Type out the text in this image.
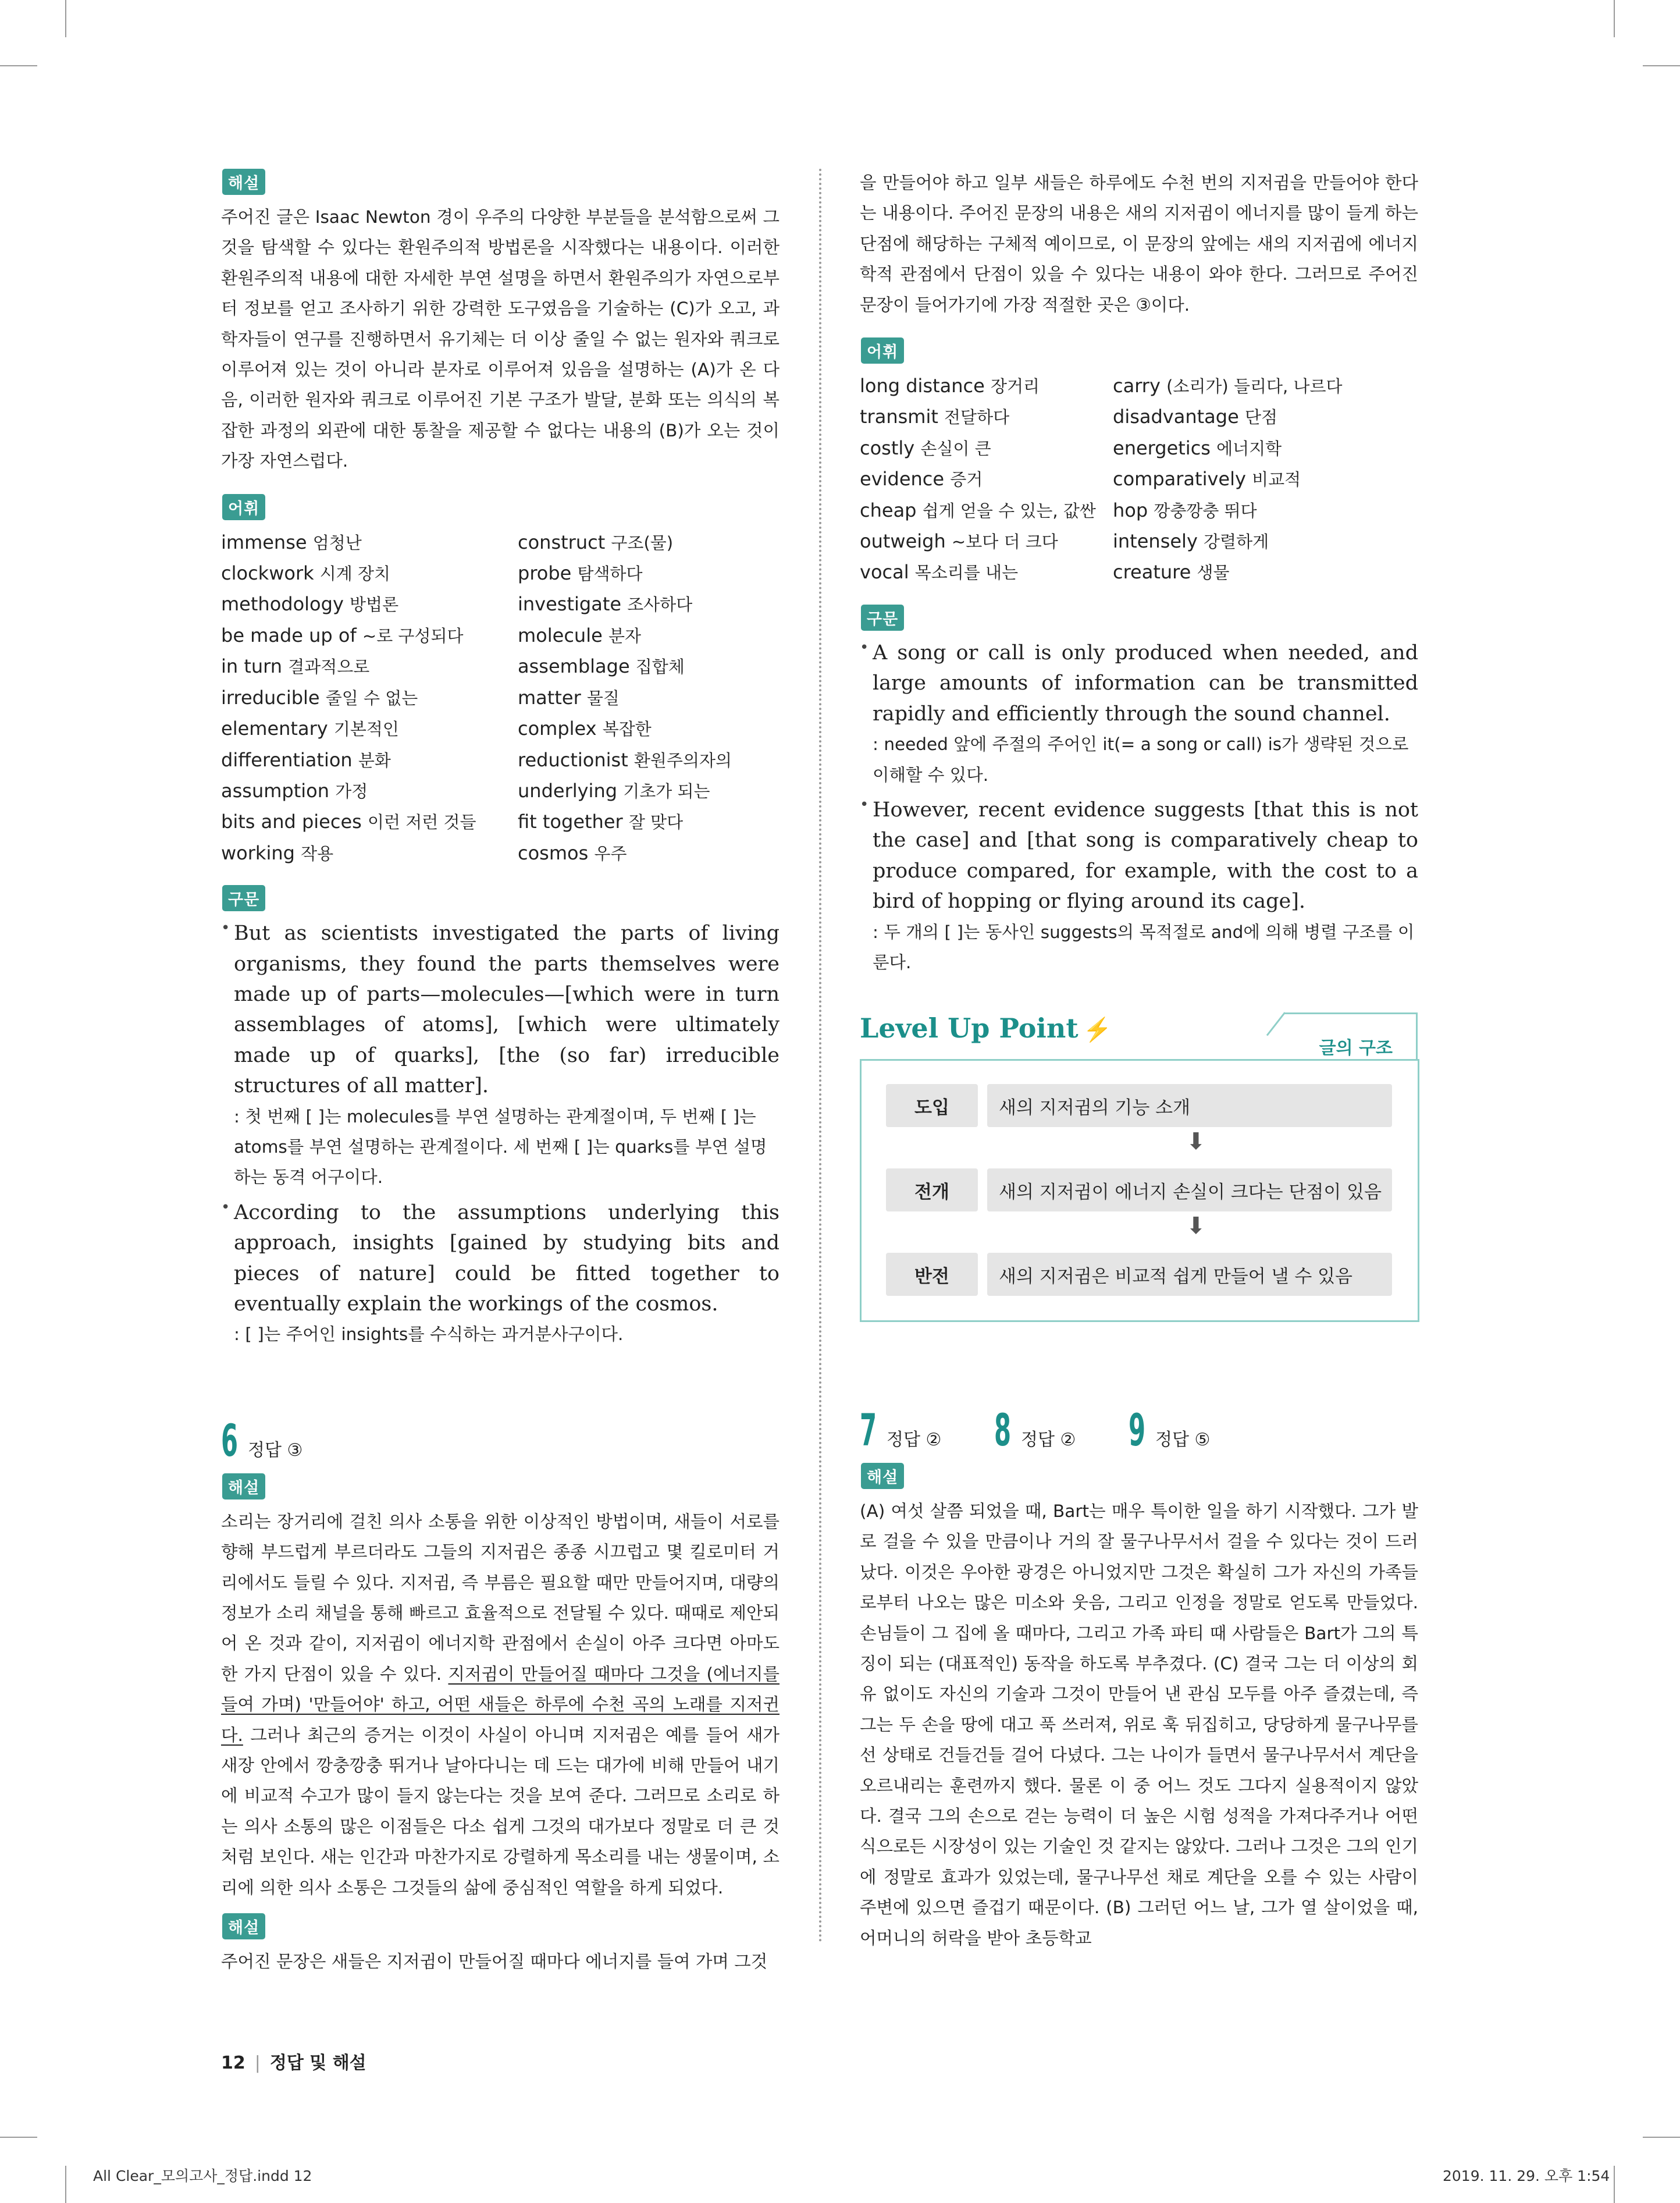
해설

주어진 글은 Isaac Newton 경이 우주의 다양한 부분들을 분석함으로써 그것을 탐색할 수 있다는 환원주의적 방법론을 시작했다는 내용이다. 이러한 환원주의적 내용에 대한 자세한 부연 설명을 하면서 환원주의가 자연으로부터 정보를 얻고 조사하기 위한 강력한 도구였음을 기술하는 (C)가 오고, 과학자들이 연구를 진행하면서 유기체는 더 이상 줄일 수 없는 원자와 쿼크로 이루어져 있는 것이 아니라 분자로 이루어져 있음을 설명하는 (A)가 온 다음, 이러한 원자와 쿼크로 이루어진 기본 구조가 발달, 분화 또는 의식의 복잡한 과정의 외관에 대한 통찰을 제공할 수 없다는 내용의 (B)가 오는 것이 가장 자연스럽다.

어휘
immense 엄청난	construct 구조(물)
clockwork 시계 장치	probe 탐색하다
methodology 방법론	investigate 조사하다
be made up of ~로 구성되다	molecule 분자
in turn 결과적으로	assemblage 집합체
irreducible 줄일 수 없는	matter 물질
elementary 기본적인	complex 복잡한
differentiation 분화	reductionist 환원주의자의
assumption 가정	underlying 기초가 되는
bits and pieces 이런 저런 것들	fit together 잘 맞다
working 작용	cosmos 우주
구문

• But as scientists investigated the parts of living organisms, they found the parts themselves were made up of parts—molecules—[which were in turn assemblages of atoms], [which were ultimately made up of quarks], [the (so far) irreducible structures of all matter].

: 첫 번째 [ ]는 molecules를 부연 설명하는 관계절이며, 두 번째 [ ]는 atoms를 부연 설명하는 관계절이다. 세 번째 [ ]는 quarks를 부연 설명하는 동격 어구이다.

• According to the assumptions underlying this approach, insights [gained by studying bits and pieces of nature] could be fitted together to eventually explain the workings of the cosmos.

: [ ]는 주어인 insights를 수식하는 과거분사구이다.

6 정답 ③
해설

소리는 장거리에 걸친 의사 소통을 위한 이상적인 방법이며, 새들이 서로를 향해 부드럽게 부르더라도 그들의 지저귐은 종종 시끄럽고 몇 킬로미터 거리에서도 들릴 수 있다. 지저귐, 즉 부름은 필요할 때만 만들어지며, 대량의 정보가 소리 채널을 통해 빠르고 효율적으로 전달될 수 있다. 때때로 제안되어 온 것과 같이, 지저귐이 에너지학 관점에서 손실이 아주 크다면 아마도 한 가지 단점이 있을 수 있다. 지저귐이 만들어질 때마다 그것을 (에너지를 들여 가며) '만들어야' 하고, 어떤 새들은 하루에 수천 곡의 노래를 지저귄다. 그러나 최근의 증거는 이것이 사실이 아니며 지저귐은 예를 들어 새가 새장 안에서 깡충깡충 뛰거나 날아다니는 데 드는 대가에 비해 만들어 내기에 비교적 수고가 많이 들지 않는다는 것을 보여 준다. 그러므로 소리로 하는 의사 소통의 많은 이점들은 다소 쉽게 그것의 대가보다 정말로 더 큰 것처럼 보인다. 새는 인간과 마찬가지로 강렬하게 목소리를 내는 생물이며, 소리에 의한 의사 소통은 그것들의 삶에 중심적인 역할을 하게 되었다.

해설

주어진 문장은 새들은 지저귐이 만들어질 때마다 에너지를 들여 가며 그것

을 만들어야 하고 일부 새들은 하루에도 수천 번의 지저귐을 만들어야 한다는 내용이다. 주어진 문장의 내용은 새의 지저귐이 에너지를 많이 들게 하는 단점에 해당하는 구체적 예이므로, 이 문장의 앞에는 새의 지저귐에 에너지학적 관점에서 단점이 있을 수 있다는 내용이 와야 한다. 그러므로 주어진 문장이 들어가기에 가장 적절한 곳은 ③이다.

어휘
long distance 장거리	carry (소리가) 들리다, 나르다
transmit 전달하다	disadvantage 단점
costly 손실이 큰	energetics 에너지학
evidence 증거	comparatively 비교적
cheap 쉽게 얻을 수 있는, 값싼 hop 깡충깡충 뛰다
outweigh ~보다 더 크다	intensely 강렬하게
vocal 목소리를 내는	creature 생물
구문

• A song or call is only produced when needed, and large amounts of information can be transmitted rapidly and efficiently through the sound channel.

: needed 앞에 주절의 주어인 it(= a song or call) is가 생략된 것으로 이해할 수 있다.

• However, recent evidence suggests [that this is not the case] and [that song is comparatively cheap to produce compared, for example, with the cost to a bird of hopping or flying around its cage].

: 두 개의 [ ]는 동사인 suggests의 목적절로 and에 의해 병렬 구조를 이룬다.

Level Up Point ⚡
글의 구조
도입	새의 지저귐의 기능 소개
⬇
전개	새의 지저귐이 에너지 손실이 크다는 단점이 있음
⬇
반전	새의 지저귐은 비교적 쉽게 만들어 낼 수 있음
7 정답 ②	8 정답 ②	9 정답 ⑤
해설

(A) 여섯 살쯤 되었을 때, Bart는 매우 특이한 일을 하기 시작했다. 그가 발로 걸을 수 있을 만큼이나 거의 잘 물구나무서서 걸을 수 있다는 것이 드러났다. 이것은 우아한 광경은 아니었지만 그것은 확실히 그가 자신의 가족들로부터 나오는 많은 미소와 웃음, 그리고 인정을 정말로 얻도록 만들었다. 손님들이 그 집에 올 때마다, 그리고 가족 파티 때 사람들은 Bart가 그의 특징이 되는 (대표적인) 동작을 하도록 부추겼다. (C) 결국 그는 더 이상의 회유 없이도 자신의 기술과 그것이 만들어 낸 관심 모두를 아주 즐겼는데, 즉 그는 두 손을 땅에 대고 푹 쓰러져, 위로 훅 뒤집히고, 당당하게 물구나무를 선 상태로 건들건들 걸어 다녔다. 그는 나이가 들면서 물구나무서서 계단을 오르내리는 훈련까지 했다. 물론 이 중 어느 것도 그다지 실용적이지 않았다. 결국 그의 손으로 걷는 능력이 더 높은 시험 성적을 가져다주거나 어떤 식으로든 시장성이 있는 기술인 것 같지는 않았다. 그러나 그것은 그의 인기에 정말로 효과가 있었는데, 물구나무선 채로 계단을 오를 수 있는 사람이 주변에 있으면 즐겁기 때문이다. (B) 그러던 어느 날, 그가 열 살이었을 때, 어머니의 허락을 받아 초등학교

12 | 정답 및 해설
All Clear_모의고사_정답.indd 12	2019. 11. 29. 오후 1:54
